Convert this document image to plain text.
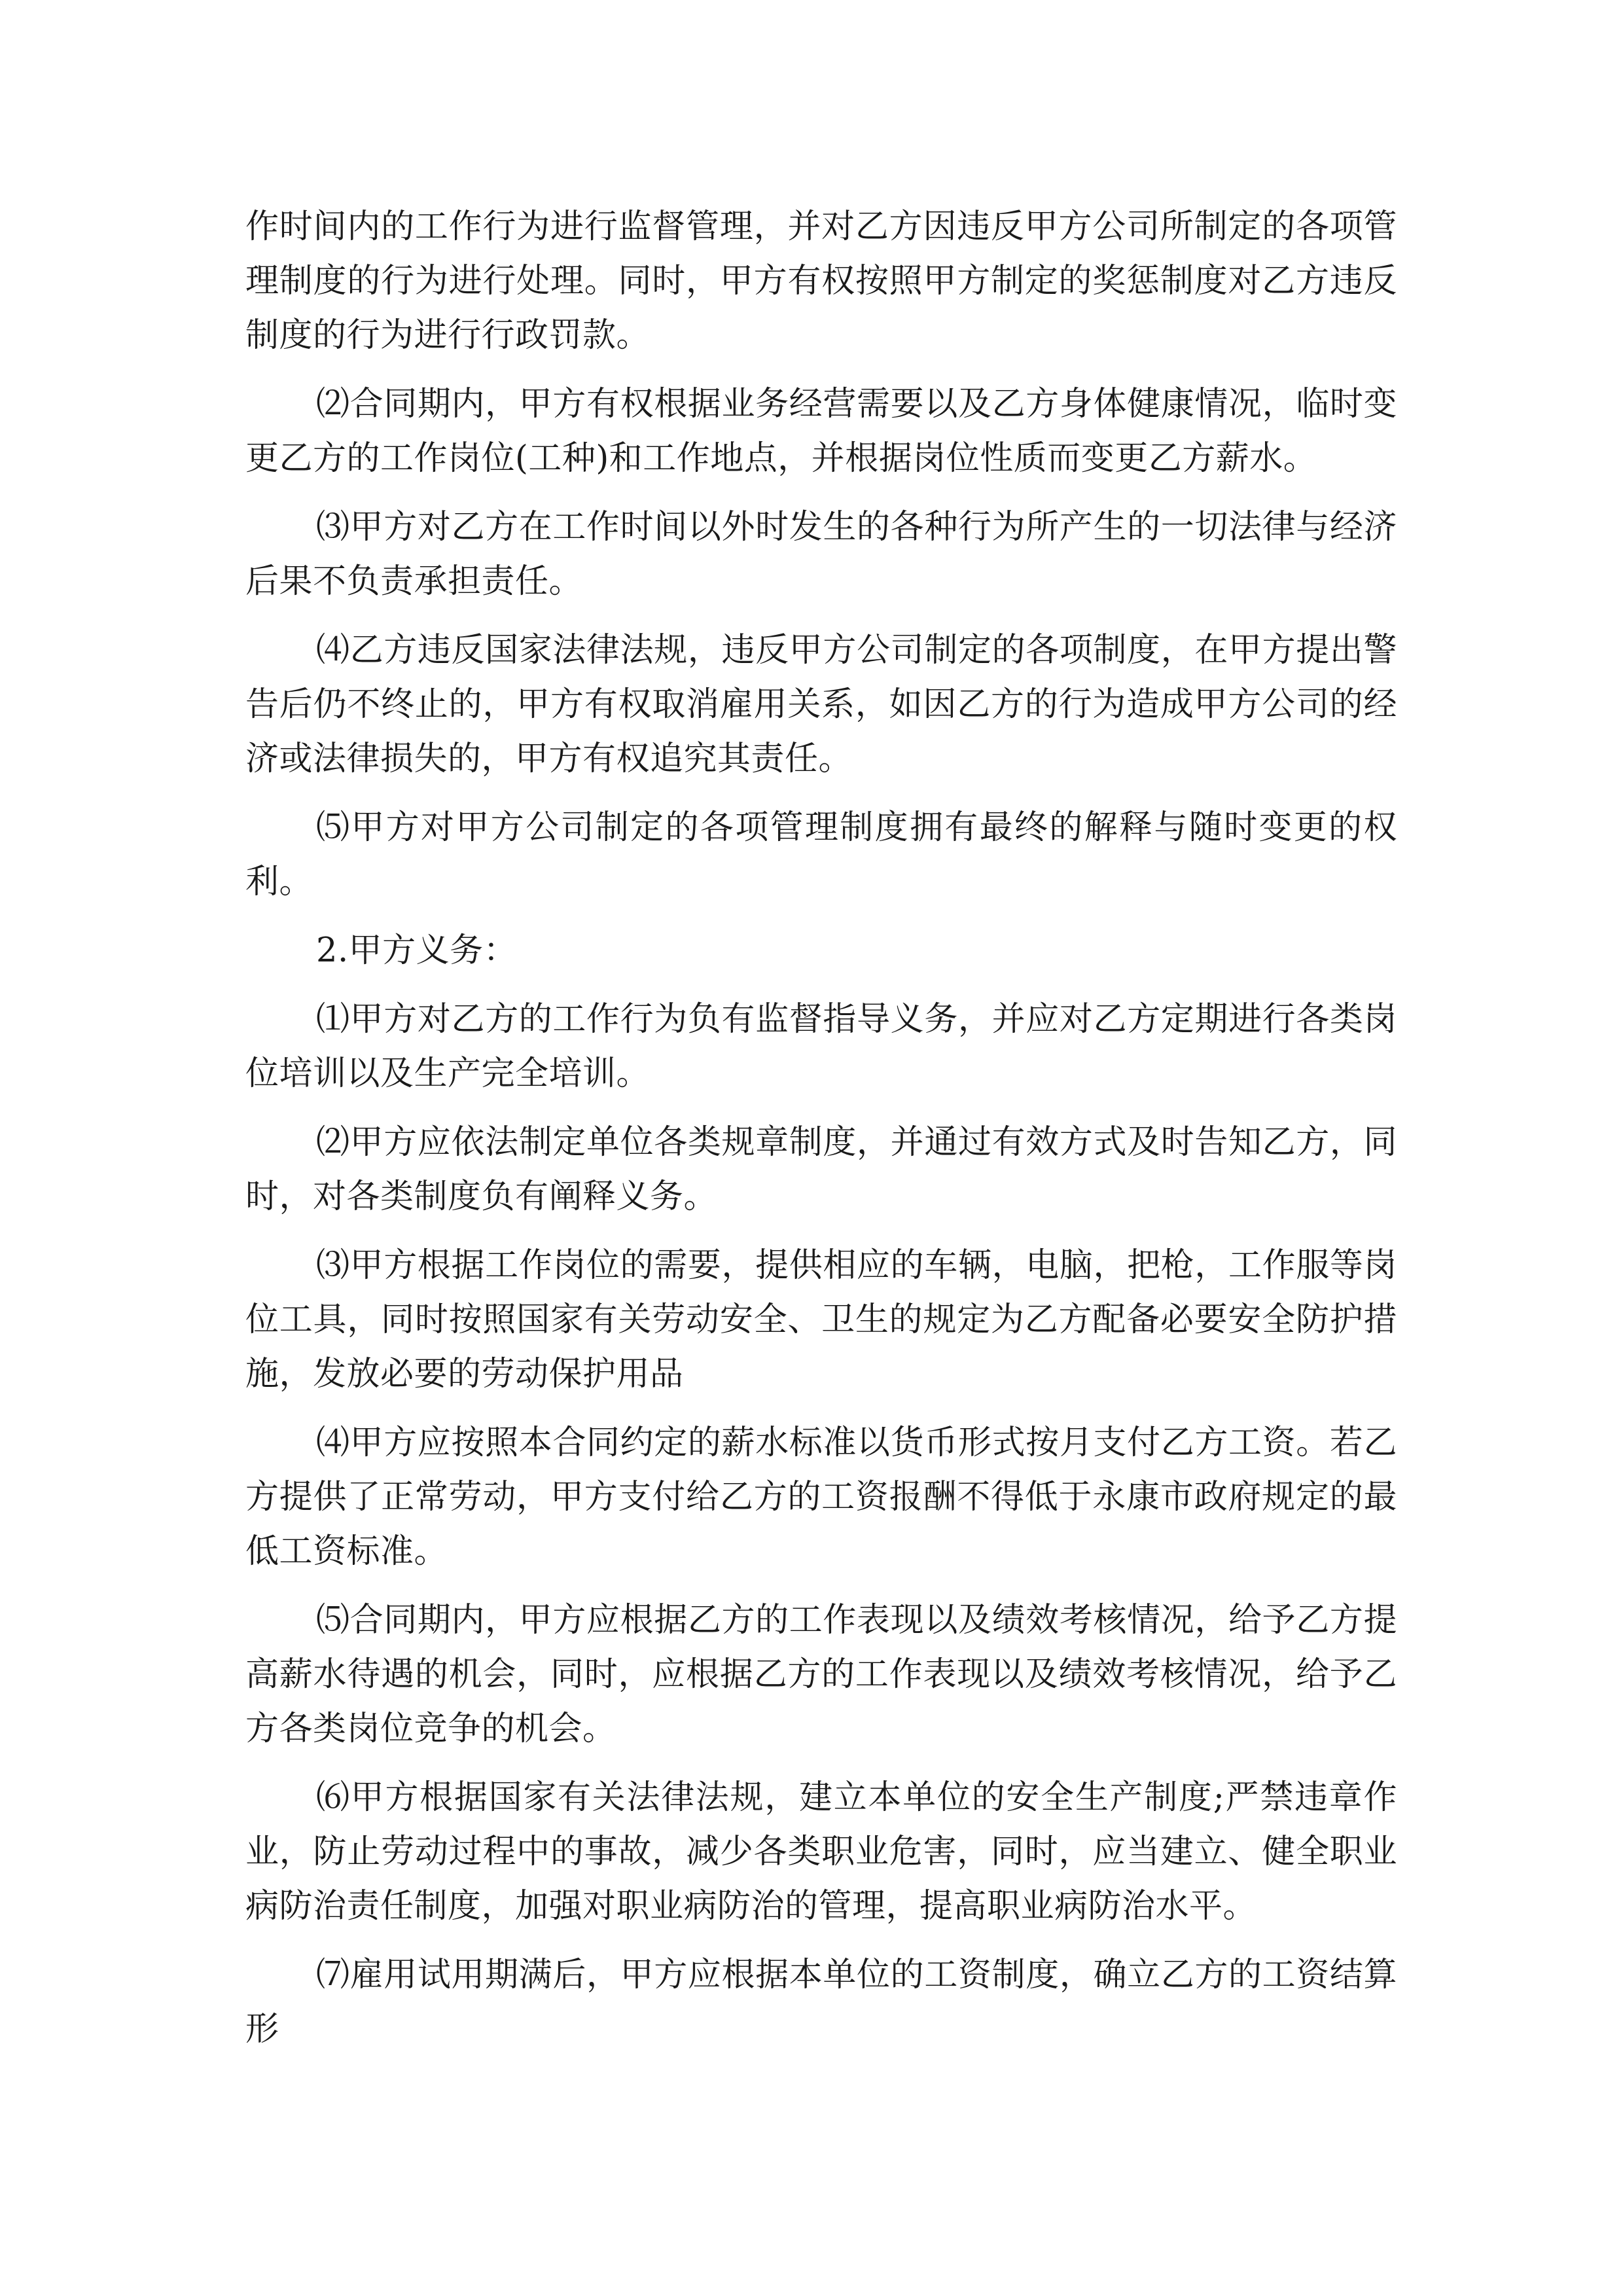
作时间内的工作行为进行监督管理，并对乙方因违反甲方公司所制定的各项管理制度的行为进行处理。同时，甲方有权按照甲方制定的奖惩制度对乙方违反制度的行为进行行政罚款。

⑵合同期内，甲方有权根据业务经营需要以及乙方身体健康情况，临时变更乙方的工作岗位(工种)和工作地点，并根据岗位性质而变更乙方薪水。

⑶甲方对乙方在工作时间以外时发生的各种行为所产生的一切法律与经济后果不负责承担责任。

⑷乙方违反国家法律法规，违反甲方公司制定的各项制度，在甲方提出警告后仍不终止的，甲方有权取消雇用关系，如因乙方的行为造成甲方公司的经济或法律损失的，甲方有权追究其责任。

⑸甲方对甲方公司制定的各项管理制度拥有最终的解释与随时变更的权利。

2.甲方义务：

⑴甲方对乙方的工作行为负有监督指导义务，并应对乙方定期进行各类岗位培训以及生产完全培训。

⑵甲方应依法制定单位各类规章制度，并通过有效方式及时告知乙方，同时，对各类制度负有阐释义务。

⑶甲方根据工作岗位的需要，提供相应的车辆，电脑，把枪，工作服等岗位工具，同时按照国家有关劳动安全、卫生的规定为乙方配备必要安全防护措施，发放必要的劳动保护用品

⑷甲方应按照本合同约定的薪水标准以货币形式按月支付乙方工资。若乙方提供了正常劳动，甲方支付给乙方的工资报酬不得低于永康市政府规定的最低工资标准。

⑸合同期内，甲方应根据乙方的工作表现以及绩效考核情况，给予乙方提高薪水待遇的机会，同时，应根据乙方的工作表现以及绩效考核情况，给予乙方各类岗位竞争的机会。

⑹甲方根据国家有关法律法规，建立本单位的安全生产制度;严禁违章作业，防止劳动过程中的事故，减少各类职业危害，同时，应当建立、健全职业病防治责任制度，加强对职业病防治的管理，提高职业病防治水平。

⑺雇用试用期满后，甲方应根据本单位的工资制度，确立乙方的工资结算形
